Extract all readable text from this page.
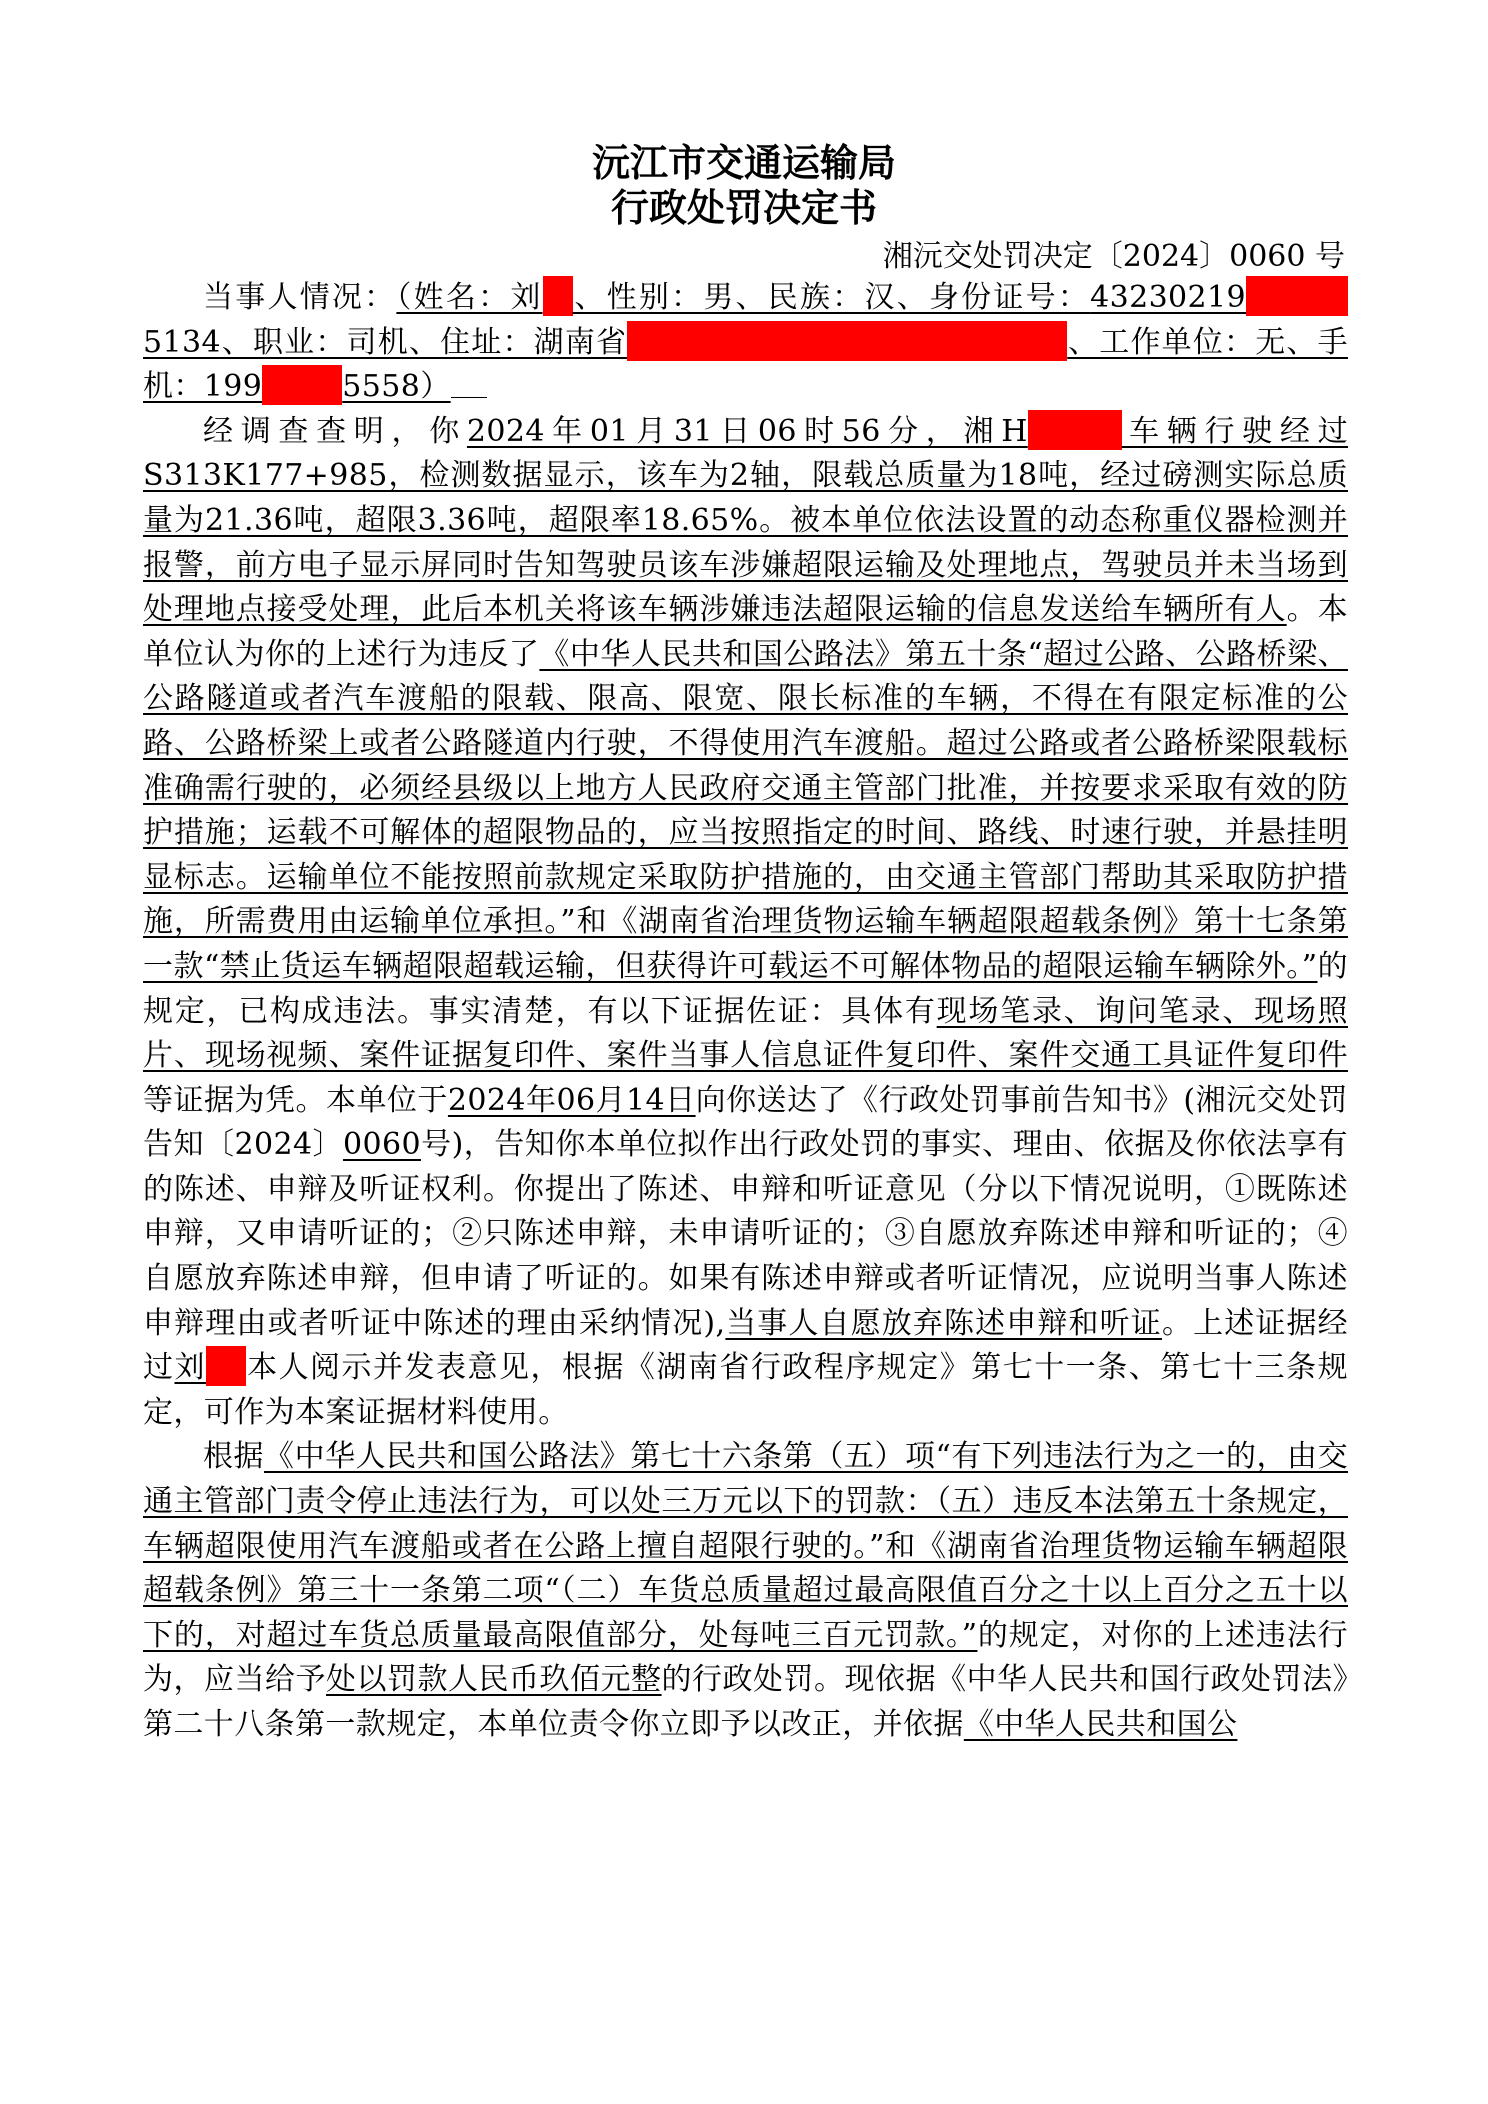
沅江市交通运输局
行政处罚决定书
湘沅交处罚决定〔2024〕0060 号

当事人情况：（姓名：刘 、性别：男、民族：汉、身份证号：432302195134、职业：司机、住址：湖南省	、工作单位：无、手机：199	5558）

经调查查明，你2024年01月31日06时56分，湘H	车辆行驶经过S313K177+985，检测数据显示，该车为2轴，限载总质量为18吨，经过磅测实际总质量为21.36吨，超限3.36吨，超限率18.65%。被本单位依法设置的动态称重仪器检测并报警，前方电子显示屏同时告知驾驶员该车涉嫌超限运输及处理地点，驾驶员并未当场到处理地点接受处理，此后本机关将该车辆涉嫌违法超限运输的信息发送给车辆所有人。本单位认为你的上述行为违反了《中华人民共和国公路法》第五十条“超过公路、公路桥梁、公路隧道或者汽车渡船的限载、限高、限宽、限长标准的车辆，不得在有限定标准的公路、公路桥梁上或者公路隧道内行驶，不得使用汽车渡船。超过公路或者公路桥梁限载标准确需行驶的，必须经县级以上地方人民政府交通主管部门批准，并按要求采取有效的防护措施；运载不可解体的超限物品的，应当按照指定的时间、路线、时速行驶，并悬挂明显标志。运输单位不能按照前款规定采取防护措施的，由交通主管部门帮助其采取防护措施，所需费用由运输单位承担。”和《湖南省治理货物运输车辆超限超载条例》第十七条第一款“禁止货运车辆超限超载运输，但获得许可载运不可解体物品的超限运输车辆除外。”的规定，已构成违法。事实清楚，有以下证据佐证：具体有现场笔录、询问笔录、现场照片、现场视频、案件证据复印件、案件当事人信息证件复印件、案件交通工具证件复印件等证据为凭。本单位于2024年06月14日向你送达了《行政处罚事前告知书》(湘沅交处罚告知〔2024〕0060号)，告知你本单位拟作出行政处罚的事实、理由、依据及你依法享有的陈述、申辩及听证权利。你提出了陈述、申辩和听证意见（分以下情况说明，①既陈述申辩，又申请听证的；②只陈述申辩，未申请听证的；③自愿放弃陈述申辩和听证的；④自愿放弃陈述申辩，但申请了听证的。如果有陈述申辩或者听证情况，应说明当事人陈述申辩理由或者听证中陈述的理由采纳情况),当事人自愿放弃陈述申辩和听证。上述证据经过刘 本人阅示并发表意见，根据《湖南省行政程序规定》第七十一条、第七十三条规定，可作为本案证据材料使用。

根据《中华人民共和国公路法》第七十六条第（五）项“有下列违法行为之一的，由交通主管部门责令停止违法行为，可以处三万元以下的罚款：（五）违反本法第五十条规定，车辆超限使用汽车渡船或者在公路上擅自超限行驶的。”和《湖南省治理货物运输车辆超限超载条例》第三十一条第二项“（二）车货总质量超过最高限值百分之十以上百分之五十以下的，对超过车货总质量最高限值部分，处每吨三百元罚款。”的规定，对你的上述违法行为，应当给予处以罚款人民币玖佰元整的行政处罚。现依据《中华人民共和国行政处罚法》第二十八条第一款规定，本单位责令你立即予以改正，并依据《中华人民共和国公
